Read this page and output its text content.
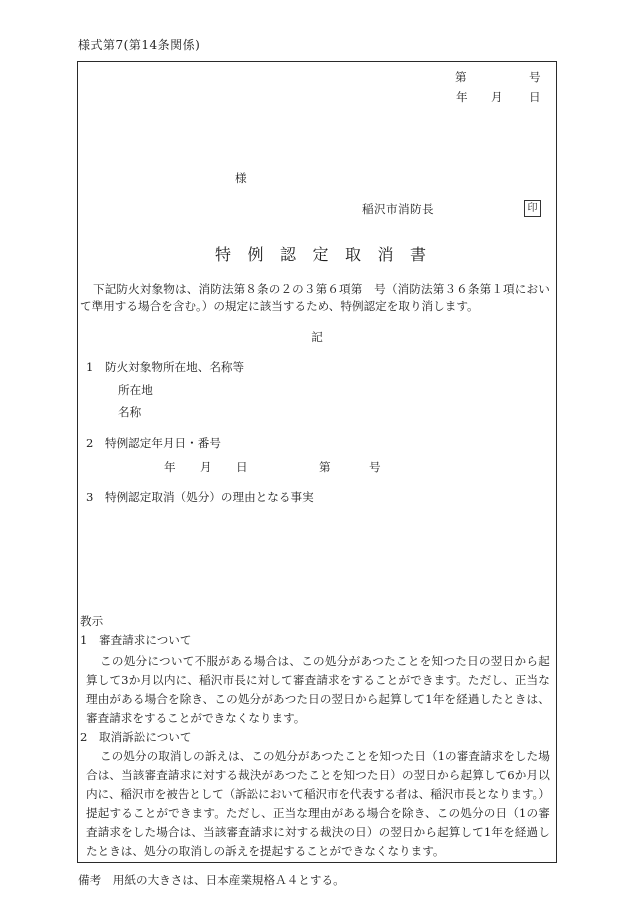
様式第7(第14条関係)
第	号
年 月 日
様
稲沢市消防長	印
特例認定取消書
下記防火対象物は、消防法第８条の２の３第６項第　号（消防法第３６条第１項におい
て準用する場合を含む。）の規定に該当するため、特例認定を取り消します。
記
1　防火対象物所在地、名称等
所在地
名称
2　特例認定年月日・番号
年 月 日	第	号
3　特例認定取消（処分）の理由となる事実
教示
1　審査請求について
この処分について不服がある場合は、この処分があつたことを知つた日の翌日から起
算して3か月以内に、稲沢市長に対して審査請求をすることができます。ただし、正当な
理由がある場合を除き、この処分があつた日の翌日から起算して1年を経過したときは、
審査請求をすることができなくなります。
2　取消訴訟について
この処分の取消しの訴えは、この処分があつたことを知つた日（1の審査請求をした場
合は、当該審査請求に対する裁決があつたことを知つた日）の翌日から起算して6か月以
内に、稲沢市を被告として（訴訟において稲沢市を代表する者は、稲沢市長となります。）
提起することができます。ただし、正当な理由がある場合を除き、この処分の日（1の審
査請求をした場合は、当該審査請求に対する裁決の日）の翌日から起算して1年を経過し
たときは、処分の取消しの訴えを提起することができなくなります。
備考　用紙の大きさは、日本産業規格Ａ４とする。
